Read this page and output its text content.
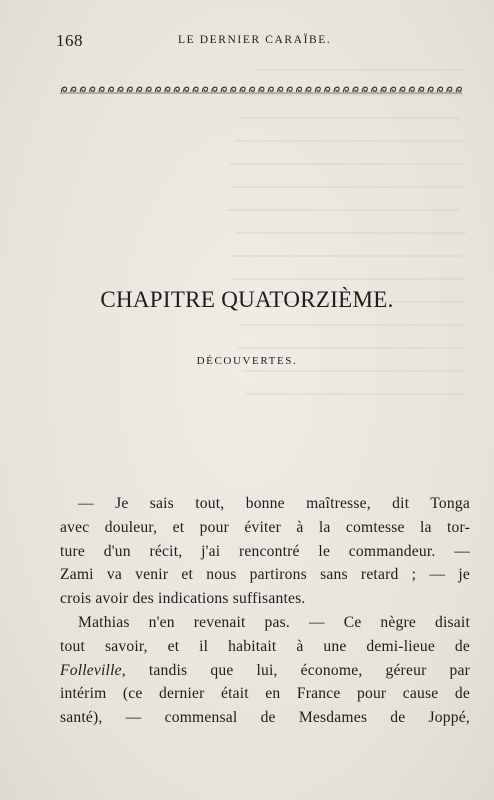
168	LE DERNIER CARAÏBE.
CHAPITRE QUATORZIÈME.
DÉCOUVERTES.
— Je sais tout, bonne maîtresse, dit Tonga
avec douleur, et pour éviter à la comtesse la tor-
ture d'un récit, j'ai rencontré le commandeur. —
Zami va venir et nous partirons sans retard ; — je
crois avoir des indications suffisantes.
Mathias n'en revenait pas. — Ce nègre disait
tout savoir, et il habitait à une demi-lieue de
Folleville, tandis que lui, économe, géreur par
intérim (ce dernier était en France pour cause de
santé), — commensal de Mesdames de Joppé,
